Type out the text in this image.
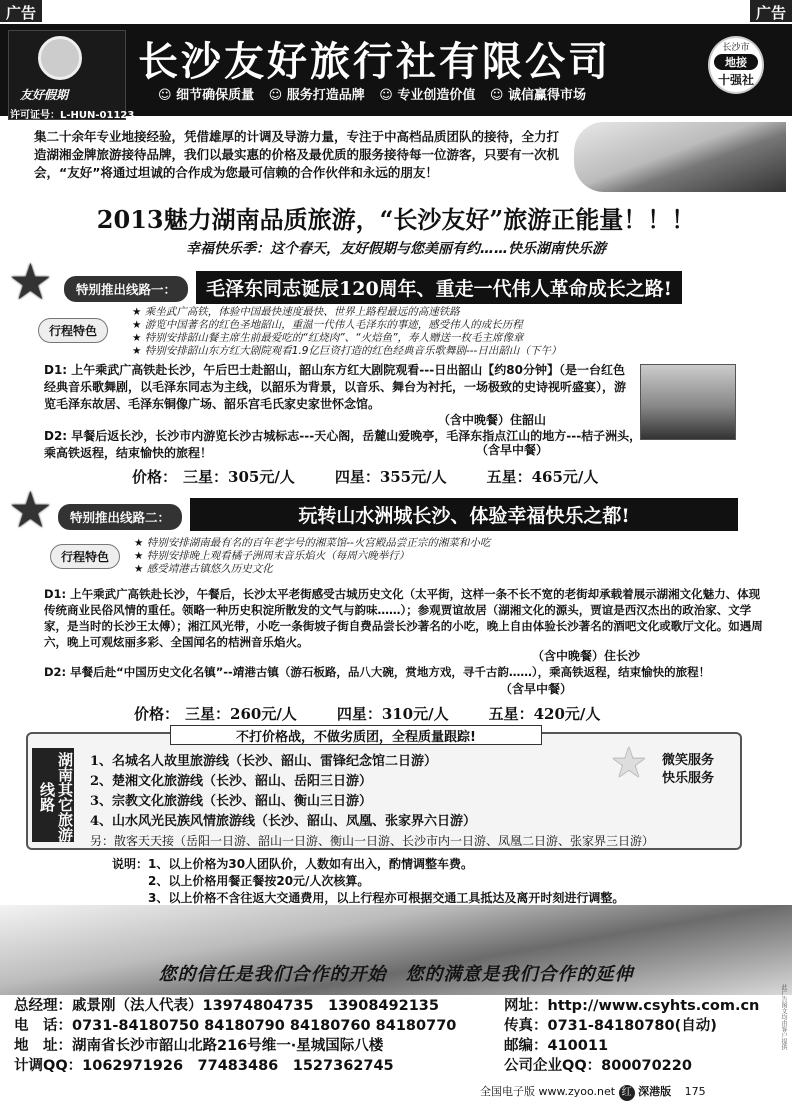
广告	广告
友好假期
许可证号：L-HUN-01123
长沙友好旅行社有限公司
☺ 细节确保质量 ☺ 服务打造品牌 ☺ 专业创造价值 ☺ 诚信赢得市场
长沙市
地接
十强社
集二十余年专业地接经验，凭借雄厚的计调及导游力量，专注于中高档品质团队的接待，全力打造湖湘金牌旅游接待品牌，我们以最实惠的价格及最优质的服务接待每一位游客，只要有一次机会，“友好”将通过坦诚的合作成为您最可信赖的合作伙伴和永远的朋友！
2013魅力湖南品质旅游，“长沙友好”旅游正能量！！！
幸福快乐季：这个春天，友好假期与您美丽有约……快乐湖南快乐游
★	特别推出线路一：	毛泽东同志诞辰120周年、重走一代伟人革命成长之路!
行程特色
★ 乘坐武广高铁，体验中国最快速度最快、世界上路程最远的高速铁路
★ 游览中国著名的红色圣地韶山，重温一代伟人毛泽东的事迹，感受伟人的成长历程
★ 特别安排韶山餐主席生前最爱吃的“红烧肉”、“火焙鱼”，寿人赠送一枚毛主席像章
★ 特别安排韶山东方红大剧院观看1.9亿巨资打造的红色经典音乐歌舞剧---日出韶山（下午）
D1: 上午乘武广高铁赴长沙，午后巴士赴韶山，韶山东方红大剧院观看---日出韶山【约80分钟】（是一台红色经典音乐歌舞剧，以毛泽东同志为主线，以韶乐为背景，以音乐、舞台为衬托，一场极致的史诗视听盛宴），游览毛泽东故居、毛泽东铜像广场、韶乐宫毛氏家史家世怀念馆。
（含中晚餐）住韶山
D2: 早餐后返长沙，长沙市内游览长沙古城标志---天心阁，岳麓山爱晚亭，毛泽东指点江山的地方---桔子洲头，乘高铁返程，结束愉快的旅程！	（含早中餐）
价格： 三星：305元/人	四星：355元/人	五星：465元/人
★	特别推出线路二：	玩转山水洲城长沙、体验幸福快乐之都!
行程特色
★ 特别安排湖南最有名的百年老字号的湘菜馆--火宫殿品尝正宗的湘菜和小吃
★ 特别安排晚上观看橘子洲周末音乐焰火（每周六晚举行）
★ 感受靖港古镇悠久历史文化
D1: 上午乘武广高铁赴长沙，午餐后，长沙太平老街感受古城历史文化（太平街，这样一条不长不宽的老街却承载着展示湖湘文化魅力、体现传统商业民俗风情的重任。领略一种历史积淀所散发的文气与韵味……）；参观贾谊故居（湖湘文化的源头，贾谊是西汉杰出的政治家、文学家，是当时的长沙王太傅）；湘江风光带，小吃一条街坡子街自费品尝长沙著名的小吃，晚上自由体验长沙著名的酒吧文化或歌厅文化。如遇周六，晚上可观炫丽多彩、全国闻名的桔洲音乐焰火。
（含中晚餐）住长沙
D2: 早餐后赴“中国历史文化名镇”--靖港古镇（游石板路，品八大碗，赏地方戏，寻千古韵……），乘高铁返程，结束愉快的旅程！
（含早中餐）
价格： 三星：260元/人	四星：310元/人	五星：420元/人
不打价格战，不做劣质团，全程质量跟踪!
湖南其它旅游线路
1、名城名人故里旅游线（长沙、韶山、雷锋纪念馆二日游）
2、楚湘文化旅游线（长沙、韶山、岳阳三日游）
3、宗教文化旅游线（长沙、韶山、衡山三日游）
4、山水风光民族风情旅游线（长沙、韶山、凤凰、张家界六日游）
另：散客天天接（岳阳一日游、韶山一日游、衡山一日游、长沙市内一日游、凤凰二日游、张家界三日游）
★	微笑服务
快乐服务
说明：1、以上价格为30人团队价，人数如有出入，酌情调整车费。
2、以上价格用餐正餐按20元/人次核算。
3、以上价格不含往返大交通费用，以上行程亦可根据交通工具抵达及离开时刻进行调整。
您的信任是我们合作的开始　您的满意是我们合作的延伸
总经理：戚景刚（法人代表）13974804735　13908492135
电　话：0731-84180750 84180790 84180760 84180770
地　址：湖南省长沙市韶山北路216号维一·星城国际八楼
计调QQ：1062971926　77483486　1527362745
网址：http://www.csyhts.com.cn
传真：0731-84180780(自动)
邮编：410011
公司企业QQ：800070220
此广告图文均由客户提供
全国电子版 www.zyoo.net 红 深港版 175
